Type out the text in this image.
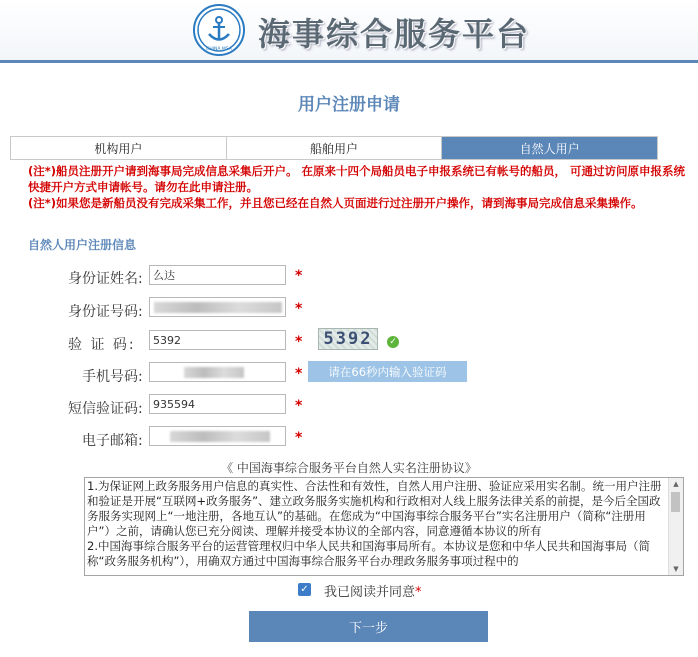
CHINA MSA 海事综合服务平台
用户注册申请
机构用户	船舶用户	自然人用户

(注*)船员注册开户请到海事局完成信息采集后开户。 在原来十四个局船员电子申报系统已有帐号的船员， 可通过访问原申报系统快捷开户方式申请帐号。请勿在此申请注册。

(注*)如果您是新船员没有完成采集工作，并且您已经在自然人页面进行过注册开户操作，请到海事局完成信息采集操作。

自然人用户注册信息
身份证姓名:
么达	*
身份证号码:	*
验 证 码:
5392	*	5392	✓
手机号码:	*	请在66秒内输入验证码
短信验证码:
935594	*
电子邮箱:	*
《 中国海事综合服务平台自然人实名注册协议》

1.为保证网上政务服务用户信息的真实性、合法性和有效性，自然人用户注册、验证应采用实名制。统一用户注册和验证是开展“互联网+政务服务”、建立政务服务实施机构和行政相对人线上服务法律关系的前提，是今后全国政务服务实现网上“一地注册，各地互认”的基础。在您成为“中国海事综合服务平台”实名注册用户（简称“注册用户”）之前，请确认您已充分阅读、理解并接受本协议的全部内容，同意遵循本协议的所有

2.中国海事综合服务平台的运营管理权归中华人民共和国海事局所有。本协议是您和中华人民共和国海事局（简称“政务服务机构”），用确双方通过中国海事综合服务平台办理政务服务事项过程中的

▲
▼
✓ 我已阅读并同意*
下一步
